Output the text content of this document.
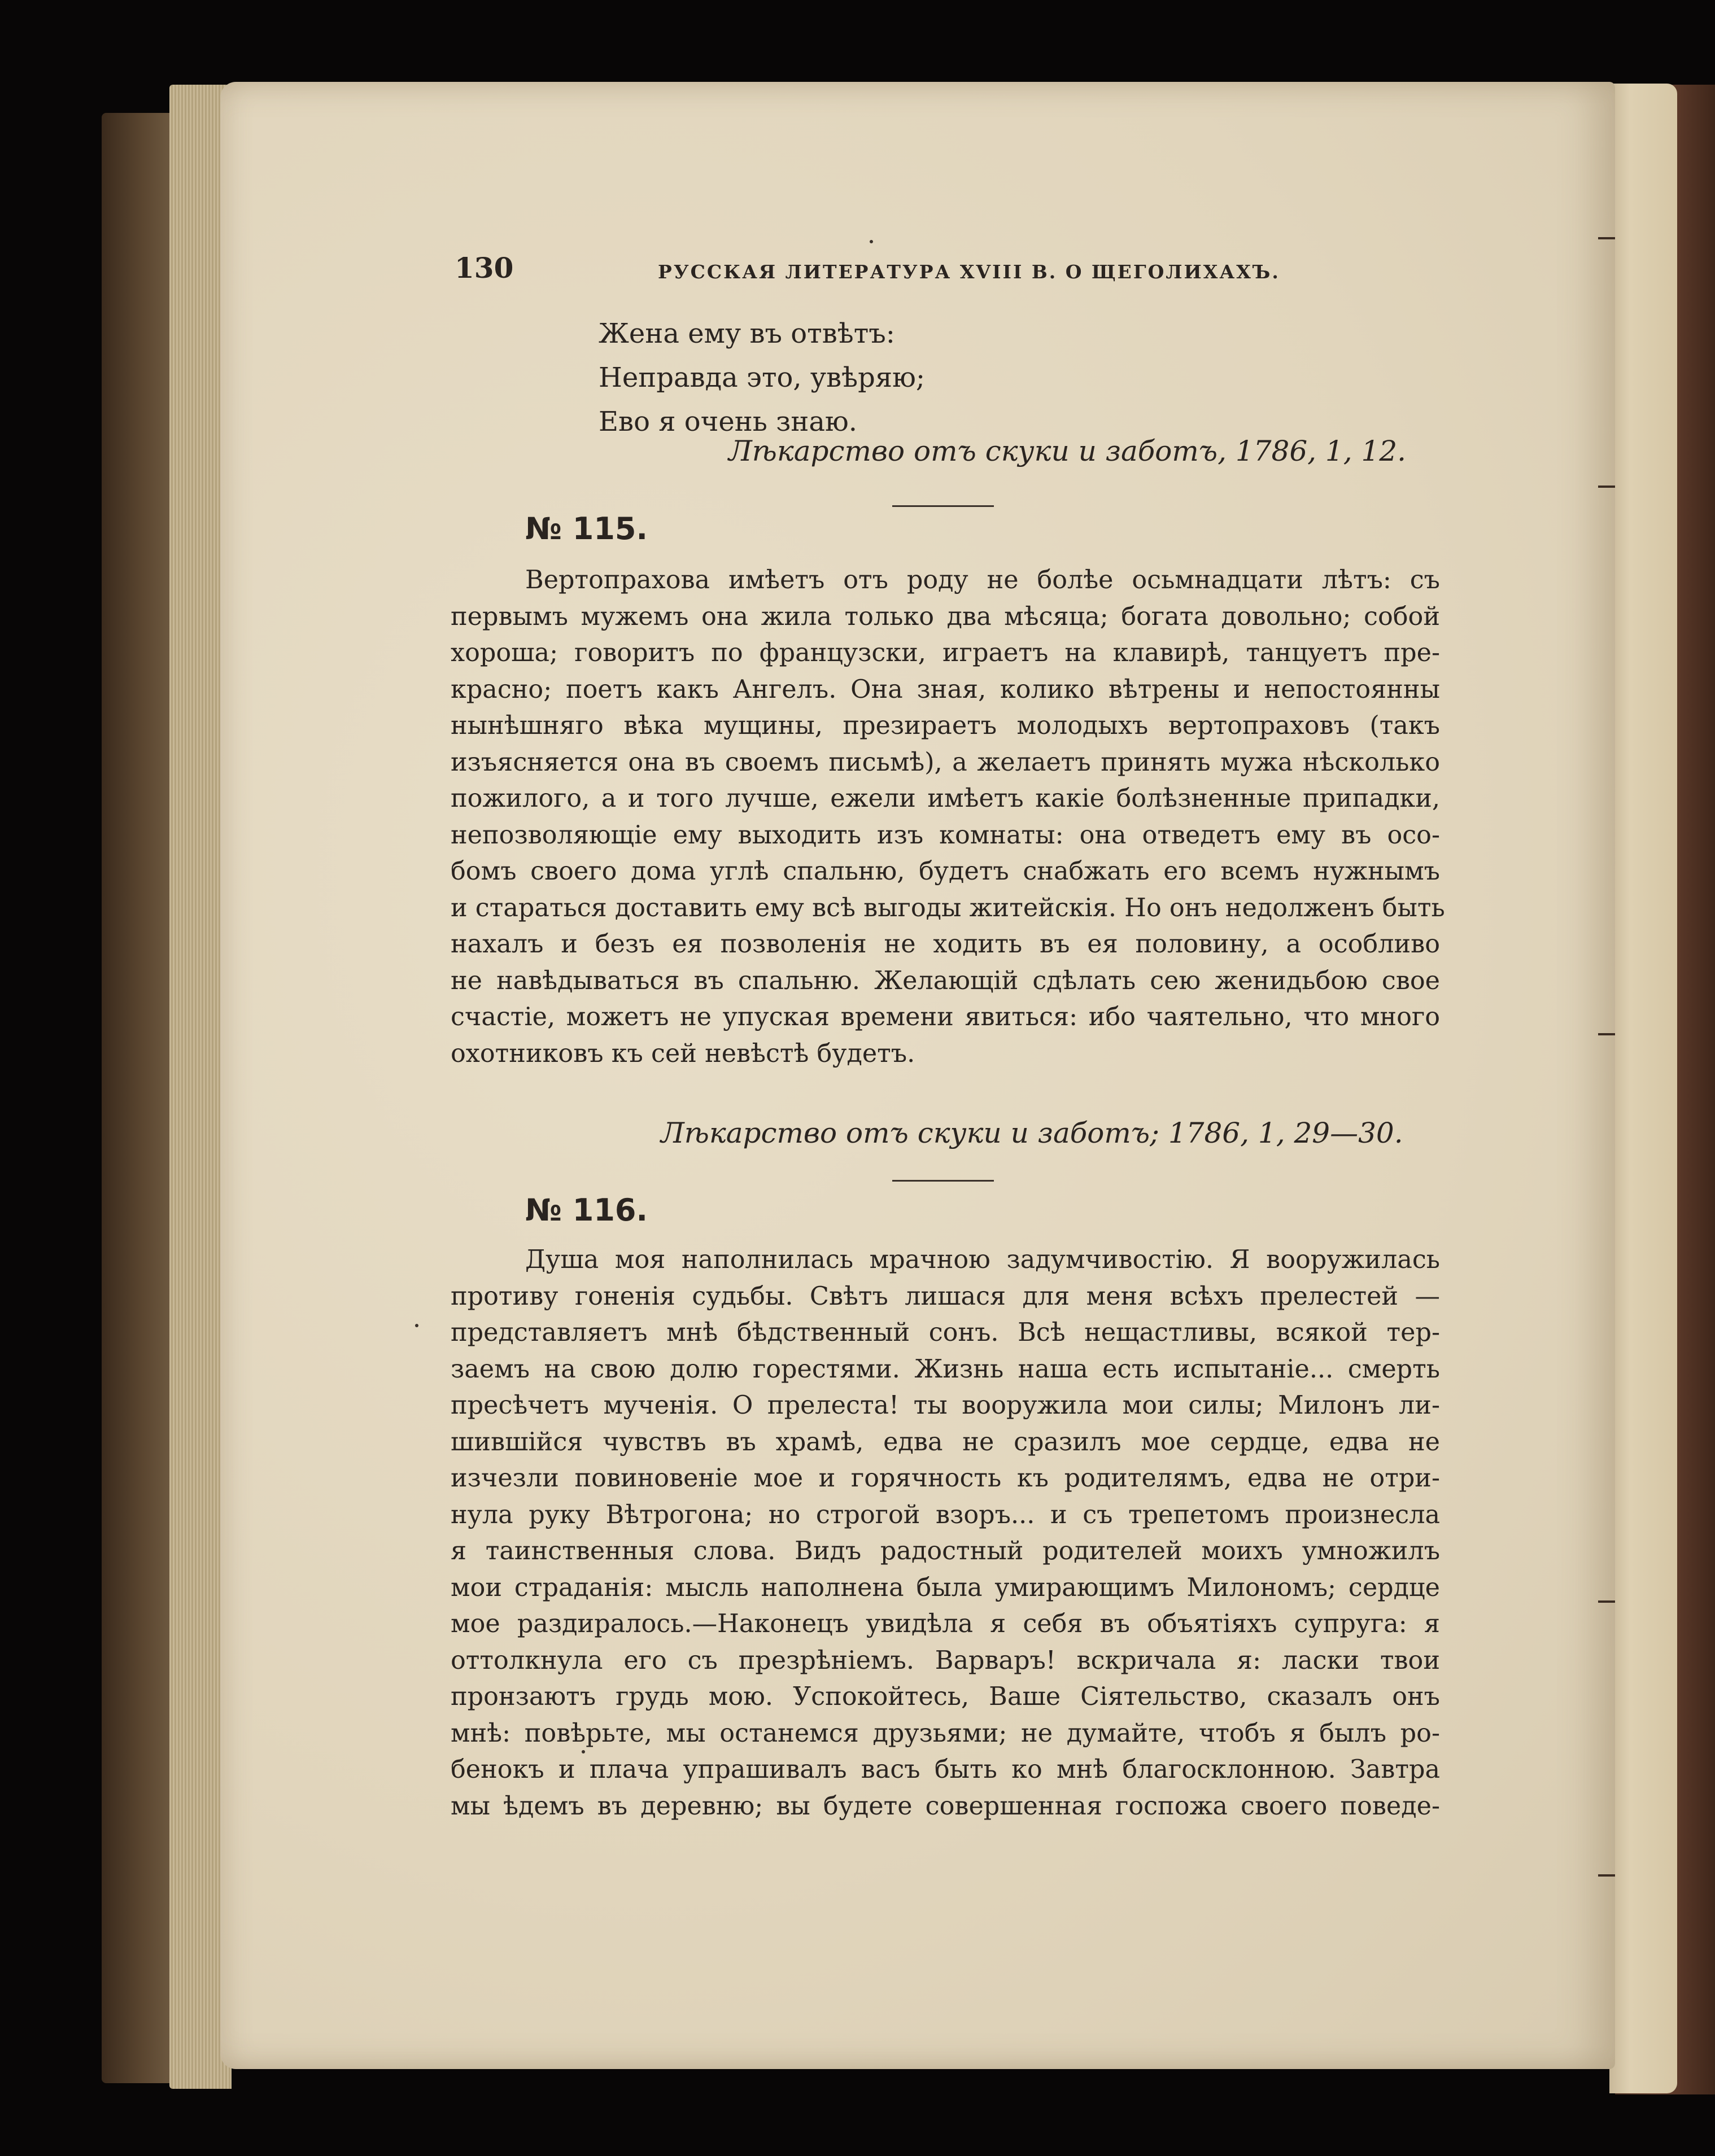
130	РУССКАЯ ЛИТЕРАТУРА XVIII В. О ЩЕГОЛИХАХЪ.
Жена ему въ отвѣтъ:
Неправда это, увѣряю;
Ево я очень знаю.
Лѣкарство отъ скуки и заботъ, 1786, 1, 12.
№ 115.
Вертопрахова имѣетъ отъ роду не болѣе осьмнадцати лѣтъ: съ
первымъ мужемъ она жила только два мѣсяца; богата довольно; собой
хороша; говоритъ по французски, играетъ на клавирѣ, танцуетъ пре-
красно; поетъ какъ Ангелъ. Она зная, колико вѣтрены и непостоянны
нынѣшняго вѣка мущины, презираетъ молодыхъ вертопраховъ (такъ
изъясняется она въ своемъ письмѣ), а желаетъ принять мужа нѣсколько
пожилого, а и того лучше, ежели имѣетъ какіе болѣзненные припадки,
непозволяющіе ему выходить изъ комнаты: она отведетъ ему въ осо-
бомъ своего дома углѣ спальню, будетъ снабжать его всемъ нужнымъ
и стараться доставить ему всѣ выгоды житейскія. Но онъ недолженъ быть
нахалъ и безъ ея позволенія не ходить въ ея половину, а особливо
не навѣдываться въ спальню. Желающій сдѣлать сею женидьбою свое
счастіе, можетъ не упуская времени явиться: ибо чаятельно, что много
охотниковъ къ сей невѣстѣ будетъ.
Лѣкарство отъ скуки и заботъ; 1786, 1, 29—30.
№ 116.
Душа моя наполнилась мрачною задумчивостію. Я вооружилась
противу гоненія судьбы. Свѣтъ лишася для меня всѣхъ прелестей —
представляетъ мнѣ бѣдственный сонъ. Всѣ нещастливы, всякой тер-
заемъ на свою долю горестями. Жизнь наша есть испытаніе... смерть
пресѣчетъ мученія. О прелеста! ты вооружила мои силы; Милонъ ли-
шившійся чувствъ въ храмѣ, едва не сразилъ мое сердце, едва не
изчезли повиновеніе мое и горячность къ родителямъ, едва не отри-
нула руку Вѣтрогона; но строгой взоръ... и съ трепетомъ произнесла
я таинственныя слова. Видъ радостный родителей моихъ умножилъ
мои страданія: мысль наполнена была умирающимъ Милономъ; сердце
мое раздиралось.—Наконецъ увидѣла я себя въ объятіяхъ супруга: я
оттолкнула его съ презрѣніемъ. Варваръ! вскричала я: ласки твои
пронзаютъ грудь мою. Успокойтесь, Ваше Сіятельство, сказалъ онъ
мнѣ: повѣрьте, мы останемся друзьями; не думайте, чтобъ я былъ ро-
бенокъ и плача упрашивалъ васъ быть ко мнѣ благосклонною. Завтра
мы ѣдемъ въ деревню; вы будете совершенная госпожа своего поведе-
